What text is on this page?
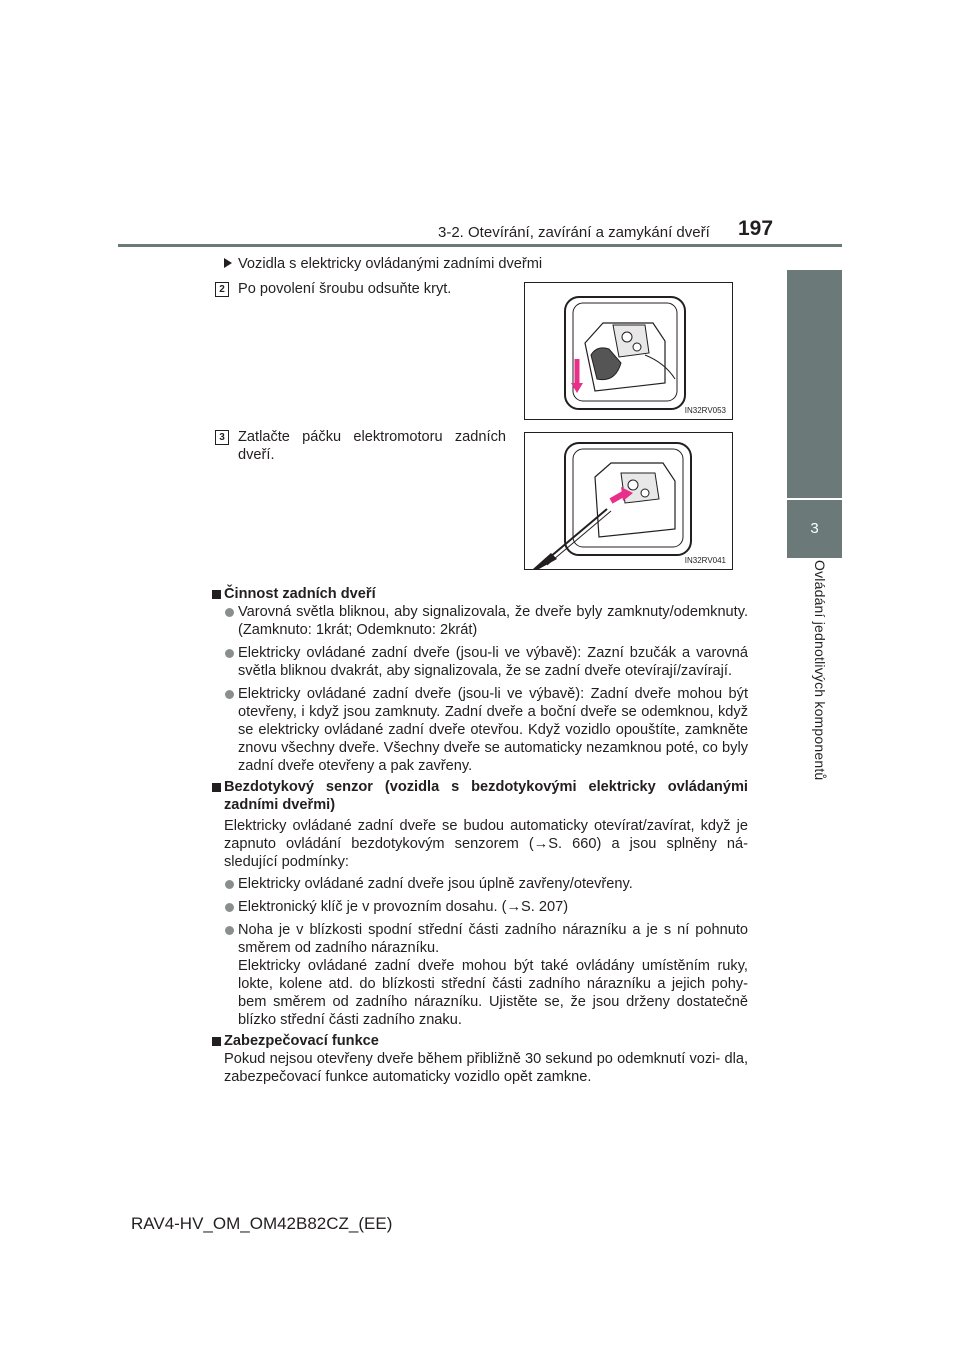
3-2. Otevírání, zavírání a zamykání dveří 197
3
Ovládání jednotlivých komponentů
Vozidla s elektricky ovládanými zadními dveřmi
2 Po povolení šroubu odsuňte kryt.
IN32RV053
3 Zatlačte páčku elektromotoru zadních dveří.
IN32RV041
Činnost zadních dveří
Varovná světla bliknou, aby signalizovala, že dveře byly zamknuty/odemknuty. (Zamknuto: 1krát; Odemknuto: 2krát)
Elektricky ovládané zadní dveře (jsou-li ve výbavě): Zazní bzučák a varovná světla bliknou dvakrát, aby signalizovala, že se zadní dveře otevírají/zavírají.
Elektricky ovládané zadní dveře (jsou-li ve výbavě): Zadní dveře mohou být otevřeny, i když jsou zamknuty. Zadní dveře a boční dveře se odemknou, když se elektricky ovládané zadní dveře otevřou. Když vozidlo opouštíte, zamkněte znovu všechny dveře. Všechny dveře se automaticky nezamknou poté, co byly zadní dveře otevřeny a pak zavřeny.
Bezdotykový senzor (vozidla s bezdotykovými elektricky ovládanými zadními dveřmi)
Elektricky ovládané zadní dveře se budou automaticky otevírat/zavírat, když je zapnuto ovládání bezdotykovým senzorem (→S. 660) a jsou splněny ná- sledující podmínky:
Elektricky ovládané zadní dveře jsou úplně zavřeny/otevřeny.
Elektronický klíč je v provozním dosahu. (→S. 207)
Noha je v blízkosti spodní střední části zadního nárazníku a je s ní pohnuto směrem od zadního nárazníku.
Elektricky ovládané zadní dveře mohou být také ovládány umístěním ruky, lokte, kolene atd. do blízkosti střední části zadního nárazníku a jejich pohy- bem směrem od zadního nárazníku. Ujistěte se, že jsou drženy dostatečně blízko střední části zadního znaku.
Zabezpečovací funkce
Pokud nejsou otevřeny dveře během přibližně 30 sekund po odemknutí vozi- dla, zabezpečovací funkce automaticky vozidlo opět zamkne.
RAV4-HV_OM_OM42B82CZ_(EE)
